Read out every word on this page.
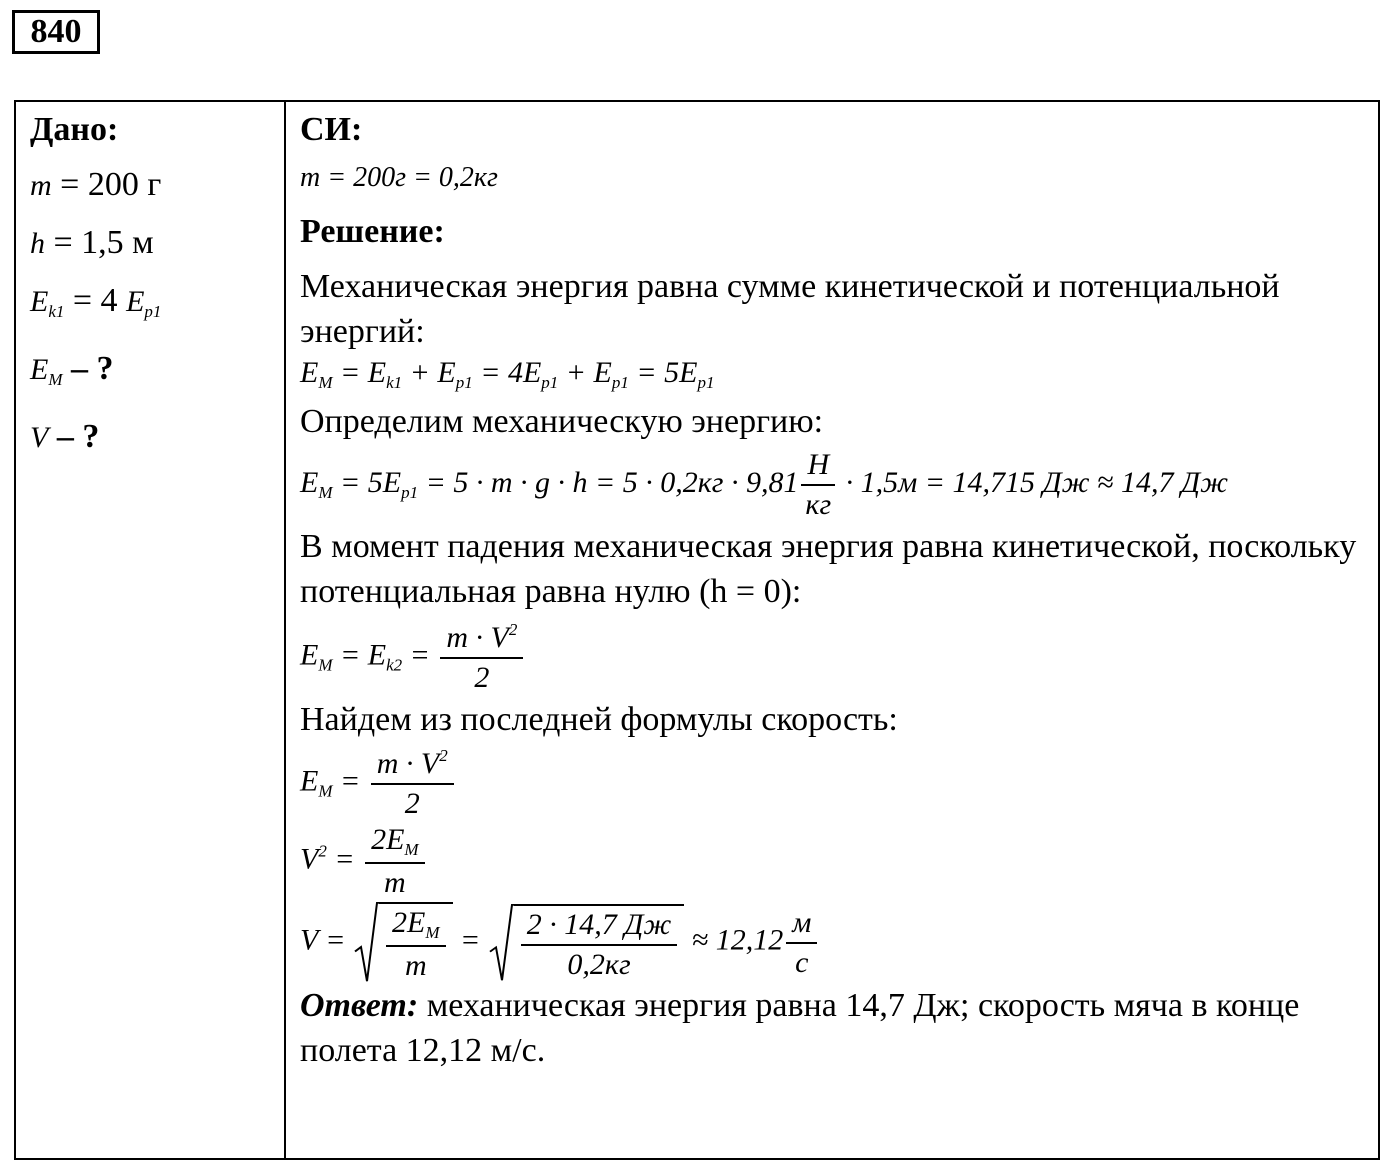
840
Дано:
m = 200 г
h = 1,5 м
$E_{k1} = 4$ $E_{p1}$
$E_M$ – ?
V – ?
СИ:
m = 200г = 0,2кг
Решение:
Механическая энергия равна сумме кинетической и потенциальной энергий:
$E_M = E_{k1} + E_{p1} = 4E_{p1} + E_{p1} = 5E_{p1}$
Определим механическую энергию:
$E_M = 5E_{p1} = 5 \cdot m \cdot g \cdot h = 5 \cdot 0,2кг \cdot 9,81 \frac{Н}{кг} \cdot 1,5м = 14,715$ Дж ≈ 14,7 Дж
В момент падения механическая энергия равна кинетической, поскольку потенциальная равна нулю (h = 0):
$E_M = E_{k2} = \frac{m \cdot V^2}{2}$
Найдем из последней формулы скорость:
$E_M = \frac{m \cdot V^2}{2}$
$V^2 = \frac{2E_M}{m}$
$V = \frac{2E_M}{m} = \frac{2 \cdot 14,7 Дж}{0,2кг} \approx 12,12 \frac{м}{с}$
Ответ: механическая энергия равна 14,7 Дж; скорость мяча в конце полета 12,12 м/с.
